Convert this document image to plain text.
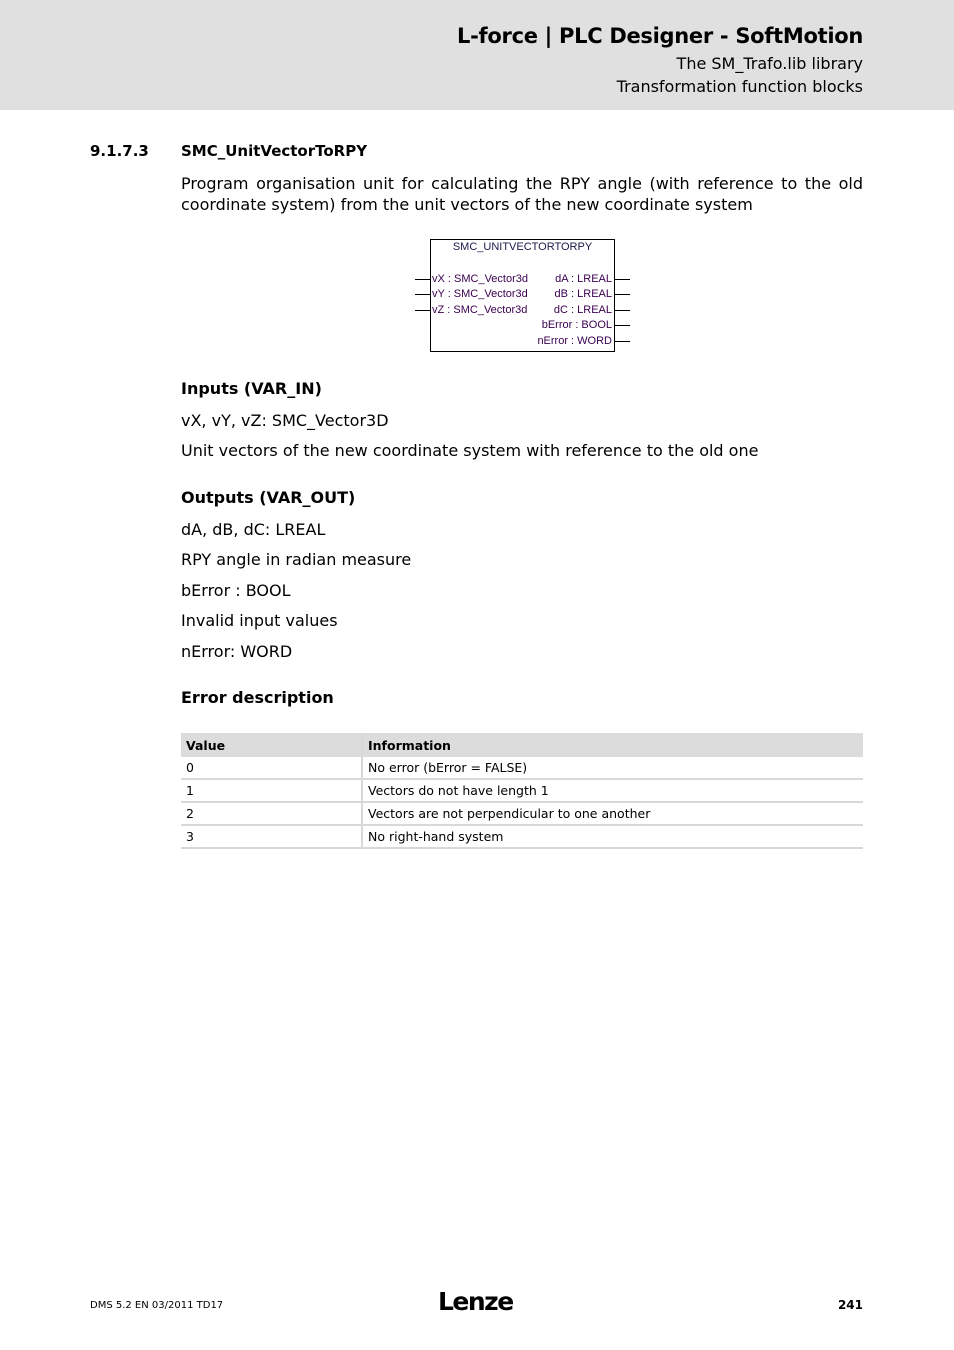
L-force | PLC Designer - SoftMotion
The SM_Trafo.lib library
Transformation function blocks
9.1.7.3 SMC_UnitVectorToRPY
Program organisation unit for calculating the RPY angle (with reference to the old coordinate system) from the unit vectors of the new coordinate system
SMC_UNITVECTORTORPY
vX : SMC_Vector3d
vY : SMC_Vector3d
vZ : SMC_Vector3d
dA : LREAL
dB : LREAL
dC : LREAL
bError : BOOL
nError : WORD
Inputs (VAR_IN)
vX, vY, vZ: SMC_Vector3D
Unit vectors of the new coordinate system with reference to the old one
Outputs (VAR_OUT)
dA, dB, dC: LREAL
RPY angle in radian measure
bError : BOOL
Invalid input values
nError: WORD
Error description
Value	Information
0	No error (bError = FALSE)
1	Vectors do not have length 1
2	Vectors are not perpendicular to one another
3	No right-hand system
DMS 5.2 EN 03/2011 TD17	Lenze	241
